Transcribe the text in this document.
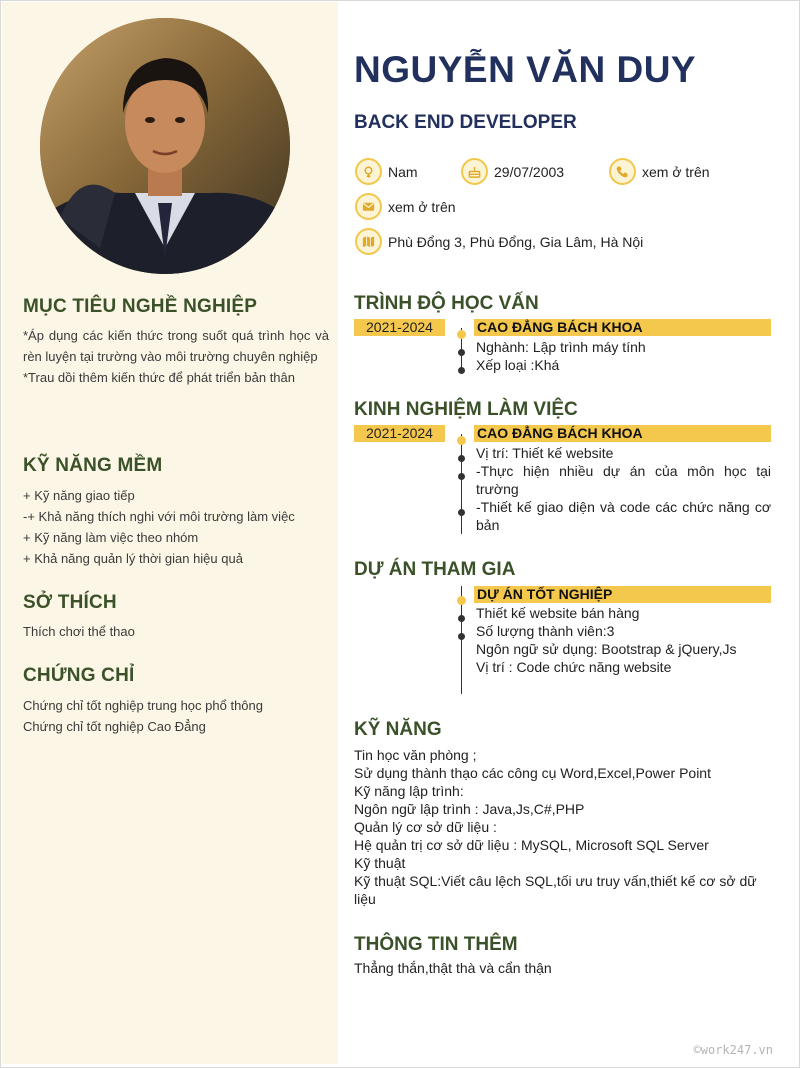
MỤC TIÊU NGHỀ NGHIỆP
*Áp dụng các kiến thức trong suốt quá trình học và rèn luyện tại trường vào môi trường chuyên nghiệp
*Trau dồi thêm kiến thức để phát triển bản thân
KỸ NĂNG MỀM
+ Kỹ năng giao tiếp
-+ Khả năng thích nghi với môi trường làm việc
+ Kỹ năng làm việc theo nhóm
+ Khả năng quản lý thời gian hiệu quả
SỞ THÍCH
Thích chơi thể thao
CHỨNG CHỈ
Chứng chỉ tốt nghiệp trung học phổ thông
Chứng chỉ tốt nghiệp Cao Đẳng
NGUYỄN VĂN DUY
BACK END DEVELOPER
Nam	29/07/2003	xem ở trên
xem ở trên
Phù Đổng 3, Phù Đổng, Gia Lâm, Hà Nội
TRÌNH ĐỘ HỌC VẤN
2021-2024	CAO ĐẲNG BÁCH KHOA
Nghành: Lập trình máy tính
Xếp loại :Khá
KINH NGHIỆM LÀM VIỆC
2021-2024	CAO ĐẲNG BÁCH KHOA
Vị trí: Thiết kế website
-Thực hiện nhiều dự án của môn học tại trường
-Thiết kế giao diện và code các chức năng cơ bản
DỰ ÁN THAM GIA
DỰ ÁN TỐT NGHIỆP
Thiết kế website bán hàng
Số lượng thành viên:3
Ngôn ngữ sử dụng: Bootstrap & jQuery,Js
Vị trí : Code chức năng website
KỸ NĂNG
Tin học văn phòng ;
Sử dụng thành thạo các công cụ Word,Excel,Power Point
Kỹ năng lập trình:
Ngôn ngữ lập trình : Java,Js,C#,PHP
Quản lý cơ sở dữ liệu :
Hệ quản trị cơ sở dữ liệu : MySQL, Microsoft SQL Server
Kỹ thuật
Kỹ thuật SQL:Viết câu lệch SQL,tối ưu truy vấn,thiết kế cơ sở dữ liệu
THÔNG TIN THÊM
Thẳng thắn,thật thà và cẩn thận
©work247.vn
